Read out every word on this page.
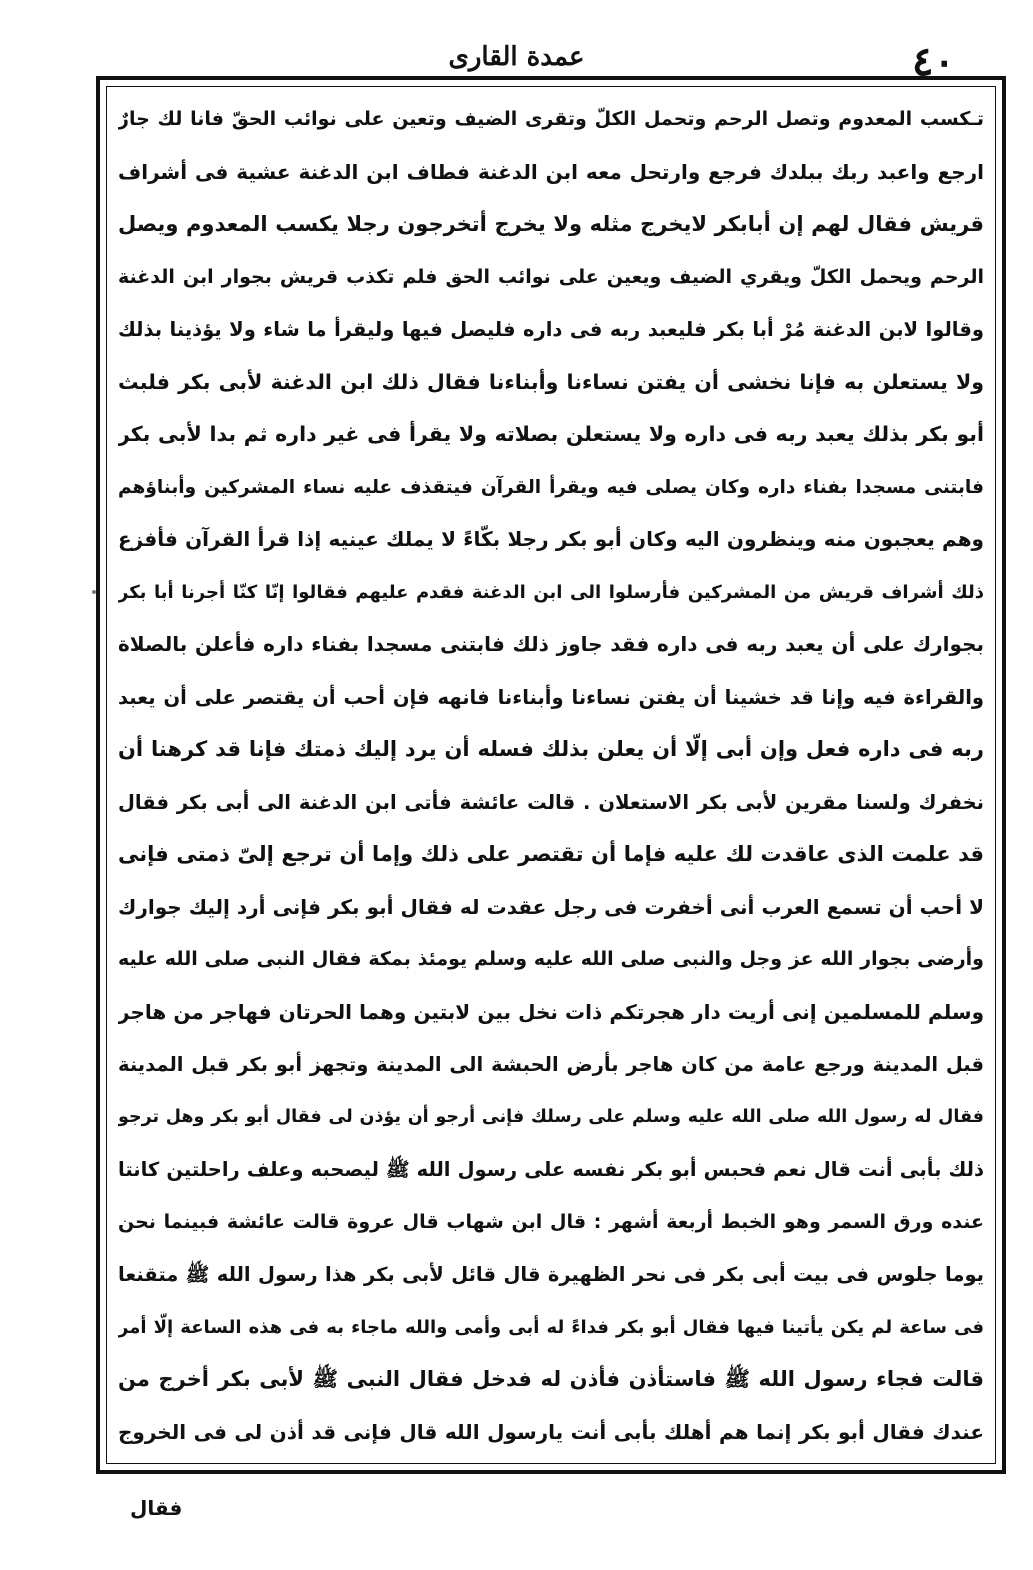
٤٠
عمدة القاری
تـكسب المعدوم وتصل الرحم وتحمل الكلّ وتقرى الضيف وتعين على نوائب الحقّ فانا لك جارٌ
ارجع واعبد ربك ببلدك فرجع وارتحل معه ابن الدغنة فطاف ابن الدغنة عشية فى أشراف
قريش فقال لهم إن أبابكر لايخرج مثله ولا يخرج أتخرجون رجلا يكسب المعدوم ويصل
الرحم ويحمل الكلّ ويقري الضيف ويعين على نوائب الحق فلم تكذب قريش بجوار ابن الدغنة
وقالوا لابن الدغنة مُرْ أبا بكر فليعبد ربه فى داره فليصل فيها وليقرأ ما شاء ولا يؤذينا بذلك
ولا يستعلن به فإنا نخشى أن يفتن نساءنا وأبناءنا فقال ذلك ابن الدغنة لأبى بكر فلبث
أبو بكر بذلك يعبد ربه فى داره ولا يستعلن بصلاته ولا يقرأ فى غير داره ثم بدا لأبى بكر
فابتنى مسجدا بفناء داره وكان يصلى فيه ويقرأ القرآن فيتقذف عليه نساء المشركين وأبناؤهم
وهم يعجبون منه وينظرون اليه وكان أبو بكر رجلا بكّاءً لا يملك عينيه إذا قرأ القرآن فأفزع
ذلك أشراف قريش من المشركين فأرسلوا الى ابن الدغنة فقدم عليهم فقالوا إنّا كنّا أجرنا أبا بكر
بجوارك على أن يعبد ربه فى داره فقد جاوز ذلك فابتنى مسجدا بفناء داره فأعلن بالصلاة
والقراءة فيه وإنا قد خشينا أن يفتن نساءنا وأبناءنا فانهه فإن أحب أن يقتصر على أن يعبد
ربه فى داره فعل وإن أبى إلّا أن يعلن بذلك فسله أن يرد إليك ذمتك فإنا قد كرهنا أن
نخفرك ولسنا مقرين لأبى بكر الاستعلان . قالت عائشة فأتى ابن الدغنة الى أبى بكر فقال
قد علمت الذى عاقدت لك عليه فإما أن تقتصر على ذلك وإما أن ترجع إلىّ ذمتى فإنى
لا أحب أن تسمع العرب أنى أخفرت فى رجل عقدت له فقال أبو بكر فإنى أرد إليك جوارك
وأرضى بجوار الله عز وجل والنبى صلى الله عليه وسلم يومئذ بمكة فقال النبى صلى الله عليه
وسلم للمسلمين إنى أريت دار هجرتكم ذات نخل بين لابتين وهما الحرتان فهاجر من هاجر
قبل المدينة ورجع عامة من كان هاجر بأرض الحبشة الى المدينة وتجهز أبو بكر قبل المدينة
فقال له رسول الله صلى الله عليه وسلم على رسلك فإنى أرجو أن يؤذن لى فقال أبو بكر وهل ترجو
ذلك بأبى أنت قال نعم فحبس أبو بكر نفسه على رسول الله ﷺ ليصحبه وعلف راحلتين كانتا
عنده ورق السمر وهو الخبط أربعة أشهر : قال ابن شهاب قال عروة قالت عائشة فبينما نحن
يوما جلوس فى بيت أبى بكر فى نحر الظهيرة قال قائل لأبى بكر هذا رسول الله ﷺ متقنعا
فى ساعة لم يكن يأتينا فيها فقال أبو بكر فداءً له أبى وأمى والله ماجاء به فى هذه الساعة إلّا أمر
قالت فجاء رسول الله ﷺ فاستأذن فأذن له فدخل فقال النبى ﷺ لأبى بكر أخرج من
عندك فقال أبو بكر إنما هم أهلك بأبى أنت يارسول الله قال فإنى قد أذن لى فى الخروج
فقال
